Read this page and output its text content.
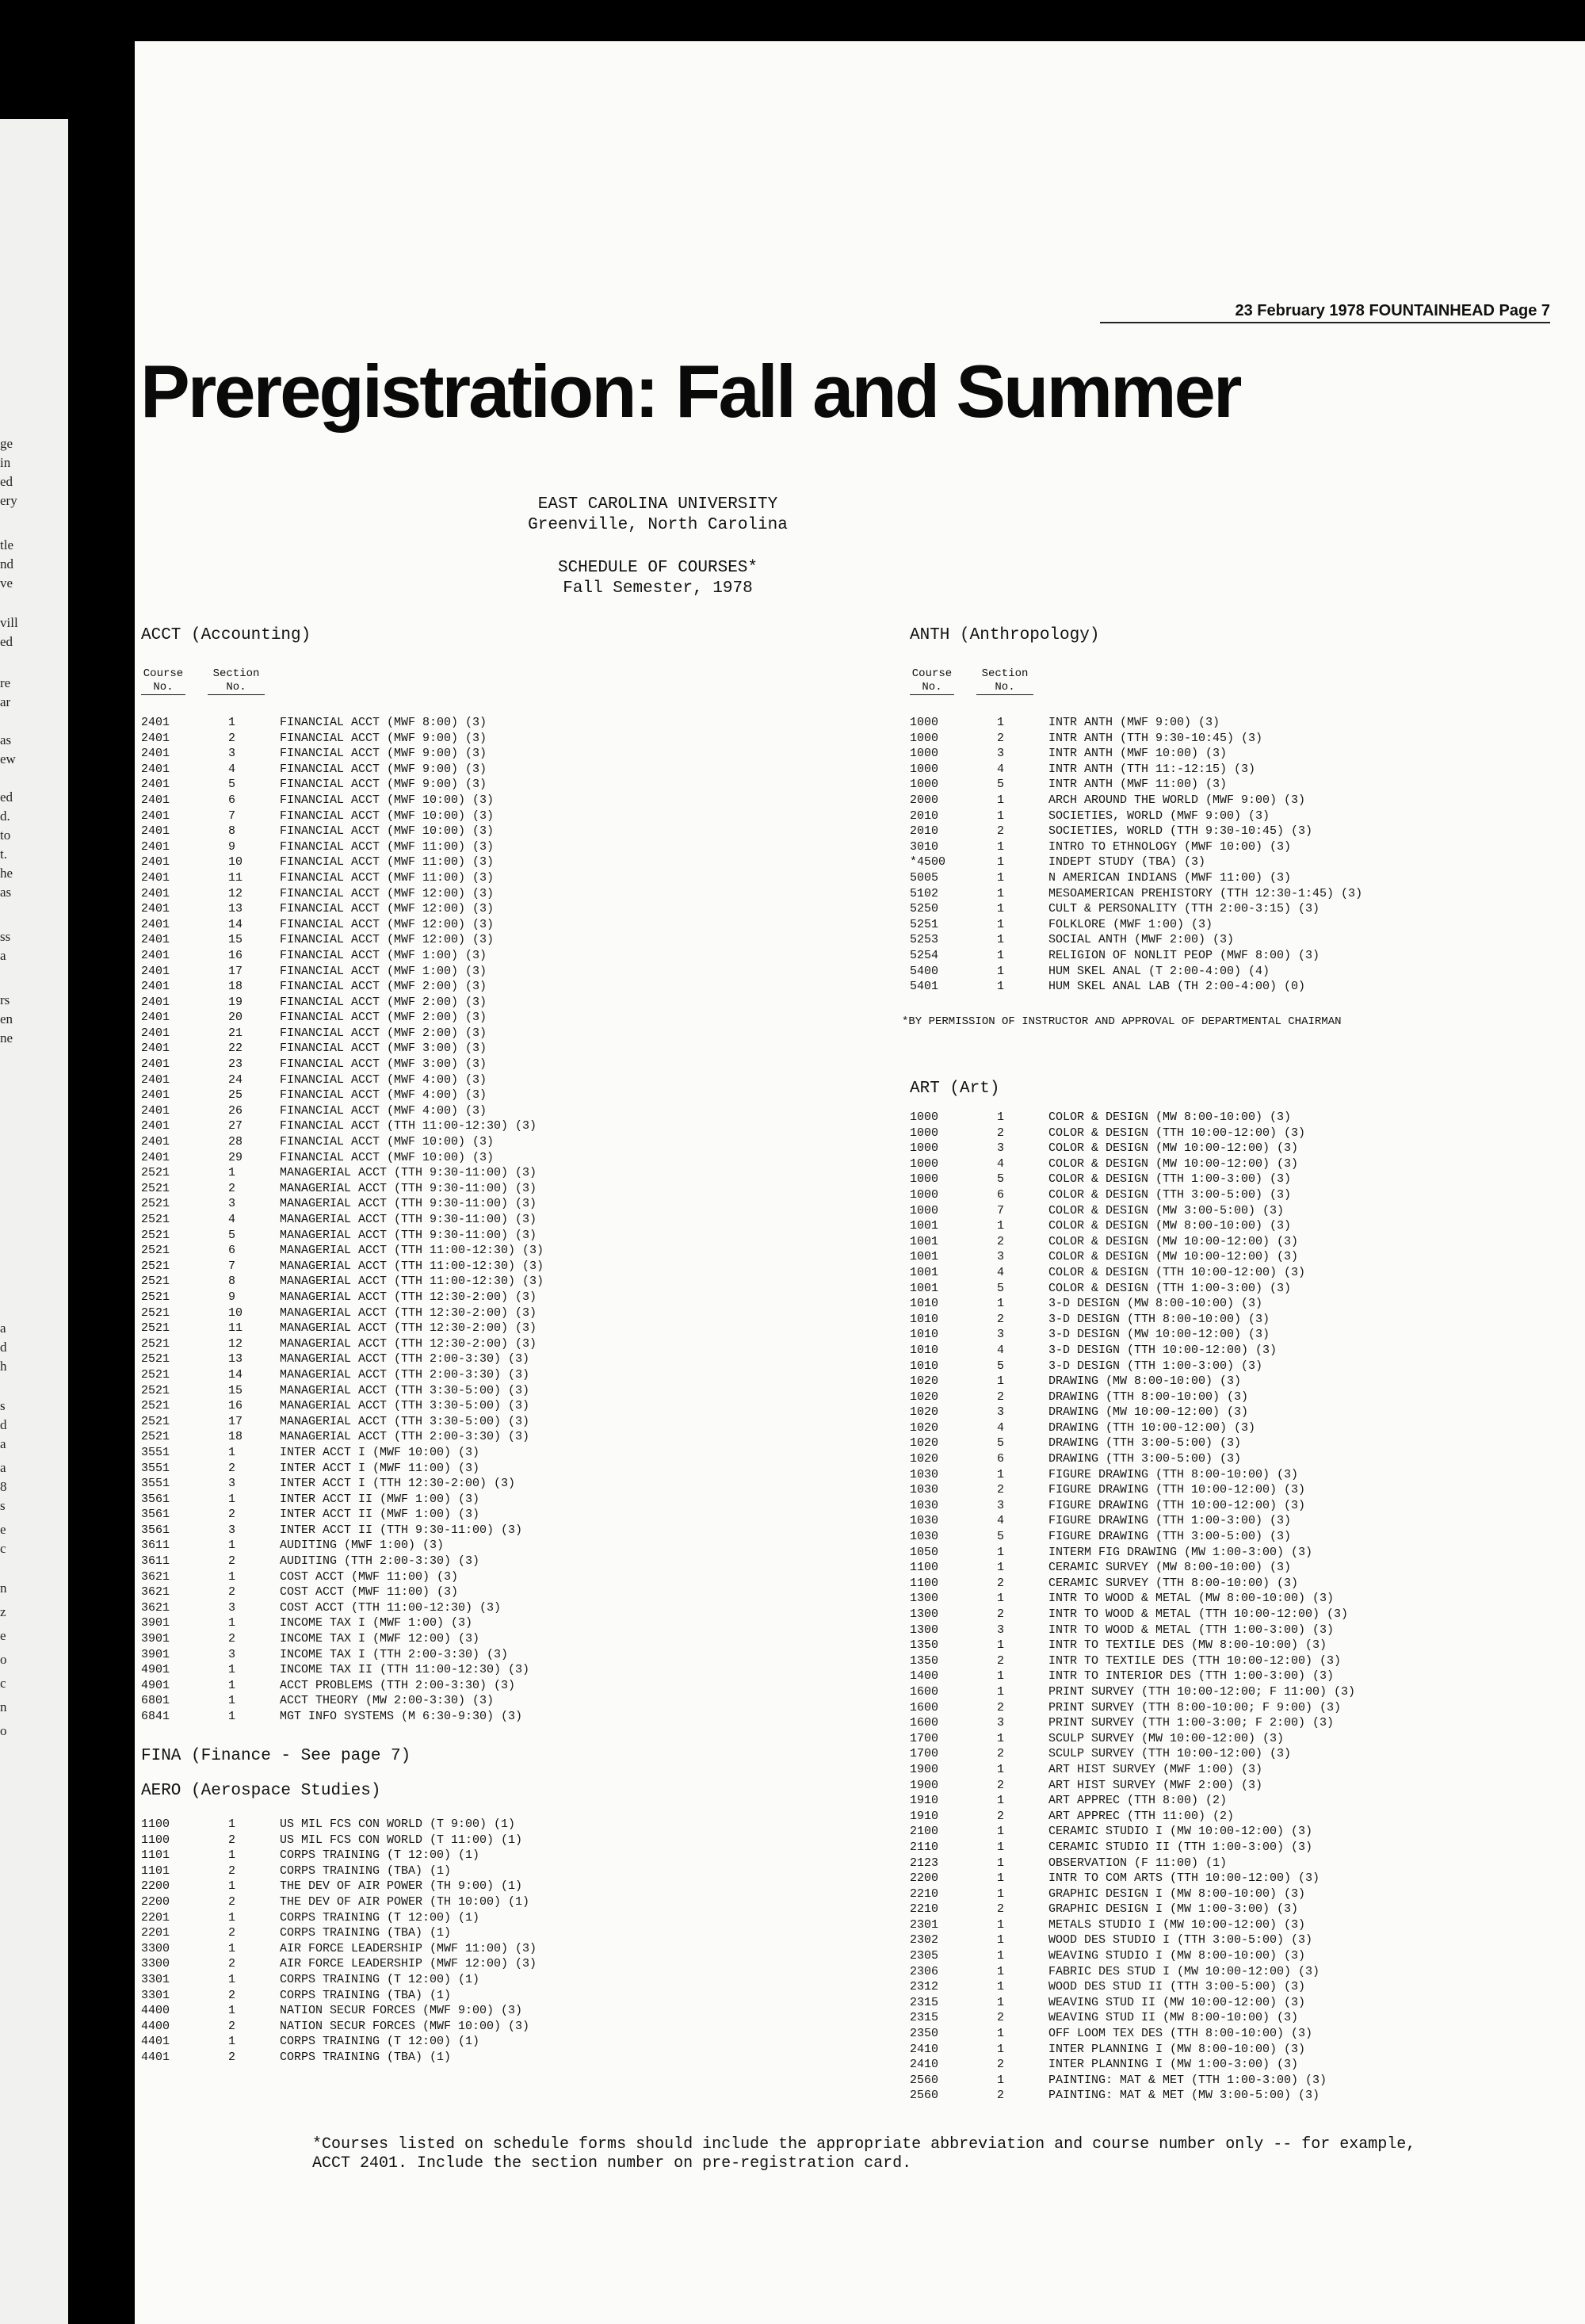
ge
in
ed
ery
tle
nd
ve
vill
ed
re
ar
as
ew
ed
d.
to
t.
he
as
ss
a
rs
en
ne
a
d
h
s
d
a
a
8
s
e
c
n
z
e
o
c
n
o
23 February 1978 FOUNTAINHEAD Page 7
Preregistration: Fall and Summer
EAST CAROLINA UNIVERSITY
Greenville, North Carolina
SCHEDULE OF COURSES*
Fall Semester, 1978
ACCT (Accounting)
Course
No.
Section
No.
2401	1	FINANCIAL ACCT (MWF 8:00) (3)
2401	2	FINANCIAL ACCT (MWF 9:00) (3)
2401	3	FINANCIAL ACCT (MWF 9:00) (3)
2401	4	FINANCIAL ACCT (MWF 9:00) (3)
2401	5	FINANCIAL ACCT (MWF 9:00) (3)
2401	6	FINANCIAL ACCT (MWF 10:00) (3)
2401	7	FINANCIAL ACCT (MWF 10:00) (3)
2401	8	FINANCIAL ACCT (MWF 10:00) (3)
2401	9	FINANCIAL ACCT (MWF 11:00) (3)
2401	10	FINANCIAL ACCT (MWF 11:00) (3)
2401	11	FINANCIAL ACCT (MWF 11:00) (3)
2401	12	FINANCIAL ACCT (MWF 12:00) (3)
2401	13	FINANCIAL ACCT (MWF 12:00) (3)
2401	14	FINANCIAL ACCT (MWF 12:00) (3)
2401	15	FINANCIAL ACCT (MWF 12:00) (3)
2401	16	FINANCIAL ACCT (MWF 1:00) (3)
2401	17	FINANCIAL ACCT (MWF 1:00) (3)
2401	18	FINANCIAL ACCT (MWF 2:00) (3)
2401	19	FINANCIAL ACCT (MWF 2:00) (3)
2401	20	FINANCIAL ACCT (MWF 2:00) (3)
2401	21	FINANCIAL ACCT (MWF 2:00) (3)
2401	22	FINANCIAL ACCT (MWF 3:00) (3)
2401	23	FINANCIAL ACCT (MWF 3:00) (3)
2401	24	FINANCIAL ACCT (MWF 4:00) (3)
2401	25	FINANCIAL ACCT (MWF 4:00) (3)
2401	26	FINANCIAL ACCT (MWF 4:00) (3)
2401	27	FINANCIAL ACCT (TTH 11:00-12:30) (3)
2401	28	FINANCIAL ACCT (MWF 10:00) (3)
2401	29	FINANCIAL ACCT (MWF 10:00) (3)
2521	1	MANAGERIAL ACCT (TTH 9:30-11:00) (3)
2521	2	MANAGERIAL ACCT (TTH 9:30-11:00) (3)
2521	3	MANAGERIAL ACCT (TTH 9:30-11:00) (3)
2521	4	MANAGERIAL ACCT (TTH 9:30-11:00) (3)
2521	5	MANAGERIAL ACCT (TTH 9:30-11:00) (3)
2521	6	MANAGERIAL ACCT (TTH 11:00-12:30) (3)
2521	7	MANAGERIAL ACCT (TTH 11:00-12:30) (3)
2521	8	MANAGERIAL ACCT (TTH 11:00-12:30) (3)
2521	9	MANAGERIAL ACCT (TTH 12:30-2:00) (3)
2521	10	MANAGERIAL ACCT (TTH 12:30-2:00) (3)
2521	11	MANAGERIAL ACCT (TTH 12:30-2:00) (3)
2521	12	MANAGERIAL ACCT (TTH 12:30-2:00) (3)
2521	13	MANAGERIAL ACCT (TTH 2:00-3:30) (3)
2521	14	MANAGERIAL ACCT (TTH 2:00-3:30) (3)
2521	15	MANAGERIAL ACCT (TTH 3:30-5:00) (3)
2521	16	MANAGERIAL ACCT (TTH 3:30-5:00) (3)
2521	17	MANAGERIAL ACCT (TTH 3:30-5:00) (3)
2521	18	MANAGERIAL ACCT (TTH 2:00-3:30) (3)
3551	1	INTER ACCT I (MWF 10:00) (3)
3551	2	INTER ACCT I (MWF 11:00) (3)
3551	3	INTER ACCT I (TTH 12:30-2:00) (3)
3561	1	INTER ACCT II (MWF 1:00) (3)
3561	2	INTER ACCT II (MWF 1:00) (3)
3561	3	INTER ACCT II (TTH 9:30-11:00) (3)
3611	1	AUDITING (MWF 1:00) (3)
3611	2	AUDITING (TTH 2:00-3:30) (3)
3621	1	COST ACCT (MWF 11:00) (3)
3621	2	COST ACCT (MWF 11:00) (3)
3621	3	COST ACCT (TTH 11:00-12:30) (3)
3901	1	INCOME TAX I (MWF 1:00) (3)
3901	2	INCOME TAX I (MWF 12:00) (3)
3901	3	INCOME TAX I (TTH 2:00-3:30) (3)
4901	1	INCOME TAX II (TTH 11:00-12:30) (3)
4901	1	ACCT PROBLEMS (TTH 2:00-3:30) (3)
6801	1	ACCT THEORY (MW 2:00-3:30) (3)
6841	1	MGT INFO SYSTEMS (M 6:30-9:30) (3)
FINA (Finance - See page 7)
AERO (Aerospace Studies)
1100	1	US MIL FCS CON WORLD (T 9:00) (1)
1100	2	US MIL FCS CON WORLD (T 11:00) (1)
1101	1	CORPS TRAINING (T 12:00) (1)
1101	2	CORPS TRAINING (TBA) (1)
2200	1	THE DEV OF AIR POWER (TH 9:00) (1)
2200	2	THE DEV OF AIR POWER (TH 10:00) (1)
2201	1	CORPS TRAINING (T 12:00) (1)
2201	2	CORPS TRAINING (TBA) (1)
3300	1	AIR FORCE LEADERSHIP (MWF 11:00) (3)
3300	2	AIR FORCE LEADERSHIP (MWF 12:00) (3)
3301	1	CORPS TRAINING (T 12:00) (1)
3301	2	CORPS TRAINING (TBA) (1)
4400	1	NATION SECUR FORCES (MWF 9:00) (3)
4400	2	NATION SECUR FORCES (MWF 10:00) (3)
4401	1	CORPS TRAINING (T 12:00) (1)
4401	2	CORPS TRAINING (TBA) (1)
ANTH (Anthropology)
Course
No.
Section
No.
1000	1	INTR ANTH (MWF 9:00) (3)
1000	2	INTR ANTH (TTH 9:30-10:45) (3)
1000	3	INTR ANTH (MWF 10:00) (3)
1000	4	INTR ANTH (TTH 11:-12:15) (3)
1000	5	INTR ANTH (MWF 11:00) (3)
2000	1	ARCH AROUND THE WORLD (MWF 9:00) (3)
2010	1	SOCIETIES, WORLD (MWF 9:00) (3)
2010	2	SOCIETIES, WORLD (TTH 9:30-10:45) (3)
3010	1	INTRO TO ETHNOLOGY (MWF 10:00) (3)
*4500	1	INDEPT STUDY (TBA) (3)
5005	1	N AMERICAN INDIANS (MWF 11:00) (3)
5102	1	MESOAMERICAN PREHISTORY (TTH 12:30-1:45) (3)
5250	1	CULT & PERSONALITY (TTH 2:00-3:15) (3)
5251	1	FOLKLORE (MWF 1:00) (3)
5253	1	SOCIAL ANTH (MWF 2:00) (3)
5254	1	RELIGION OF NONLIT PEOP (MWF 8:00) (3)
5400	1	HUM SKEL ANAL (T 2:00-4:00) (4)
5401	1	HUM SKEL ANAL LAB (TH 2:00-4:00) (0)
*BY PERMISSION OF INSTRUCTOR AND APPROVAL OF DEPARTMENTAL CHAIRMAN
ART (Art)
1000	1	COLOR & DESIGN (MW 8:00-10:00) (3)
1000	2	COLOR & DESIGN (TTH 10:00-12:00) (3)
1000	3	COLOR & DESIGN (MW 10:00-12:00) (3)
1000	4	COLOR & DESIGN (MW 10:00-12:00) (3)
1000	5	COLOR & DESIGN (TTH 1:00-3:00) (3)
1000	6	COLOR & DESIGN (TTH 3:00-5:00) (3)
1000	7	COLOR & DESIGN (MW 3:00-5:00) (3)
1001	1	COLOR & DESIGN (MW 8:00-10:00) (3)
1001	2	COLOR & DESIGN (MW 10:00-12:00) (3)
1001	3	COLOR & DESIGN (MW 10:00-12:00) (3)
1001	4	COLOR & DESIGN (TTH 10:00-12:00) (3)
1001	5	COLOR & DESIGN (TTH 1:00-3:00) (3)
1010	1	3-D DESIGN (MW 8:00-10:00) (3)
1010	2	3-D DESIGN (TTH 8:00-10:00) (3)
1010	3	3-D DESIGN (MW 10:00-12:00) (3)
1010	4	3-D DESIGN (TTH 10:00-12:00) (3)
1010	5	3-D DESIGN (TTH 1:00-3:00) (3)
1020	1	DRAWING (MW 8:00-10:00) (3)
1020	2	DRAWING (TTH 8:00-10:00) (3)
1020	3	DRAWING (MW 10:00-12:00) (3)
1020	4	DRAWING (TTH 10:00-12:00) (3)
1020	5	DRAWING (TTH 3:00-5:00) (3)
1020	6	DRAWING (TTH 3:00-5:00) (3)
1030	1	FIGURE DRAWING (TTH 8:00-10:00) (3)
1030	2	FIGURE DRAWING (TTH 10:00-12:00) (3)
1030	3	FIGURE DRAWING (TTH 10:00-12:00) (3)
1030	4	FIGURE DRAWING (TTH 1:00-3:00) (3)
1030	5	FIGURE DRAWING (TTH 3:00-5:00) (3)
1050	1	INTERM FIG DRAWING (MW 1:00-3:00) (3)
1100	1	CERAMIC SURVEY (MW 8:00-10:00) (3)
1100	2	CERAMIC SURVEY (TTH 8:00-10:00) (3)
1300	1	INTR TO WOOD & METAL (MW 8:00-10:00) (3)
1300	2	INTR TO WOOD & METAL (TTH 10:00-12:00) (3)
1300	3	INTR TO WOOD & METAL (TTH 1:00-3:00) (3)
1350	1	INTR TO TEXTILE DES (MW 8:00-10:00) (3)
1350	2	INTR TO TEXTILE DES (TTH 10:00-12:00) (3)
1400	1	INTR TO INTERIOR DES (TTH 1:00-3:00) (3)
1600	1	PRINT SURVEY (TTH 10:00-12:00; F 11:00) (3)
1600	2	PRINT SURVEY (TTH 8:00-10:00; F 9:00) (3)
1600	3	PRINT SURVEY (TTH 1:00-3:00; F 2:00) (3)
1700	1	SCULP SURVEY (MW 10:00-12:00) (3)
1700	2	SCULP SURVEY (TTH 10:00-12:00) (3)
1900	1	ART HIST SURVEY (MWF 1:00) (3)
1900	2	ART HIST SURVEY (MWF 2:00) (3)
1910	1	ART APPREC (TTH 8:00) (2)
1910	2	ART APPREC (TTH 11:00) (2)
2100	1	CERAMIC STUDIO I (MW 10:00-12:00) (3)
2110	1	CERAMIC STUDIO II (TTH 1:00-3:00) (3)
2123	1	OBSERVATION (F 11:00) (1)
2200	1	INTR TO COM ARTS (TTH 10:00-12:00) (3)
2210	1	GRAPHIC DESIGN I (MW 8:00-10:00) (3)
2210	2	GRAPHIC DESIGN I (MW 1:00-3:00) (3)
2301	1	METALS STUDIO I (MW 10:00-12:00) (3)
2302	1	WOOD DES STUDIO I (TTH 3:00-5:00) (3)
2305	1	WEAVING STUDIO I (MW 8:00-10:00) (3)
2306	1	FABRIC DES STUD I (MW 10:00-12:00) (3)
2312	1	WOOD DES STUD II (TTH 3:00-5:00) (3)
2315	1	WEAVING STUD II (MW 10:00-12:00) (3)
2315	2	WEAVING STUD II (MW 8:00-10:00) (3)
2350	1	OFF LOOM TEX DES (TTH 8:00-10:00) (3)
2410	1	INTER PLANNING I (MW 8:00-10:00) (3)
2410	2	INTER PLANNING I (MW 1:00-3:00) (3)
2560	1	PAINTING: MAT & MET (TTH 1:00-3:00) (3)
2560	2	PAINTING: MAT & MET (MW 3:00-5:00) (3)
*Courses listed on schedule forms should include the appropriate abbreviation and course number only -- for example, ACCT 2401. Include the section number on pre-registration card.
